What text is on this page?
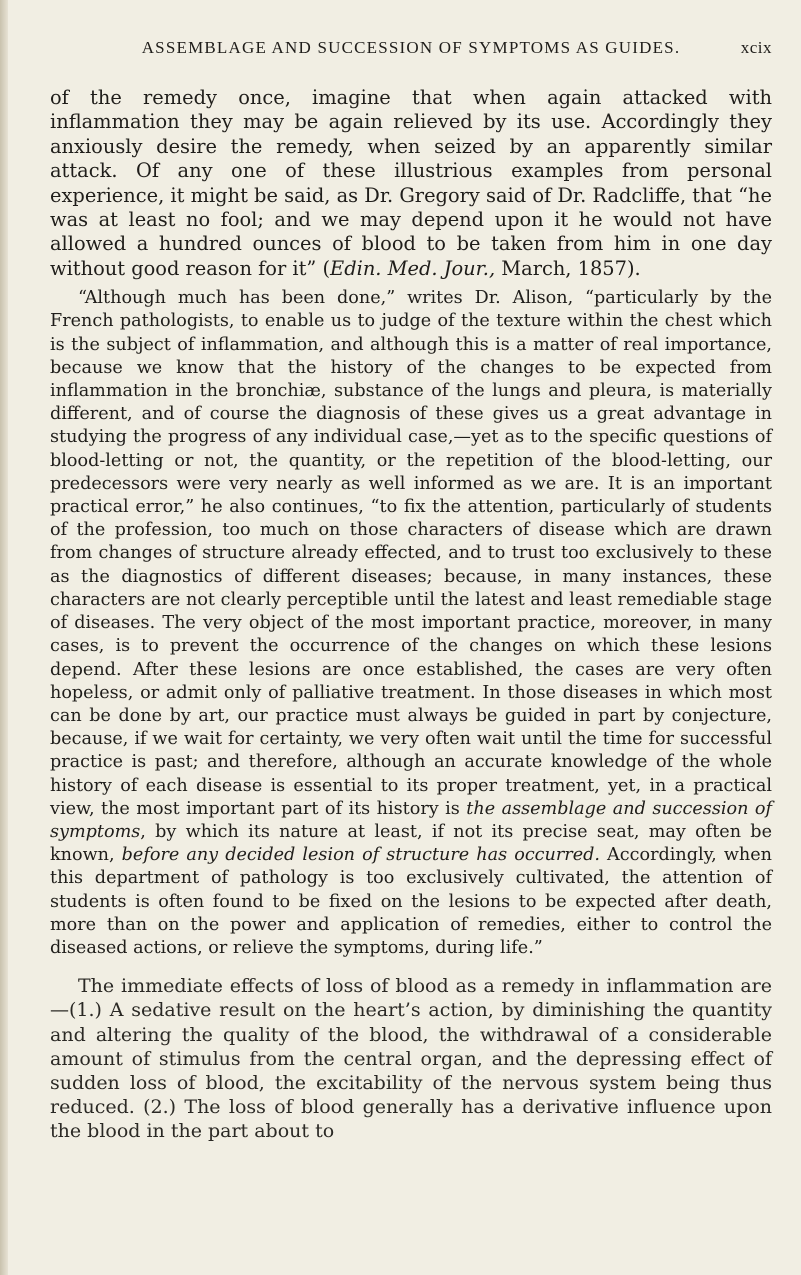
ASSEMBLAGE AND SUCCESSION OF SYMPTOMS AS GUIDES.	xcix

of the remedy once, imagine that when again attacked with inflammation they may be again relieved by its use. Accordingly they anxiously desire the remedy, when seized by an apparently similar attack. Of any one of these illustrious examples from personal experience, it might be said, as Dr. Gregory said of Dr. Radcliffe, that “he was at least no fool; and we may depend upon it he would not have allowed a hundred ounces of blood to be taken from him in one day without good reason for it” (Edin. Med. Jour., March, 1857).

“Although much has been done,” writes Dr. Alison, “particularly by the French pathologists, to enable us to judge of the texture within the chest which is the subject of inflammation, and although this is a matter of real importance, because we know that the history of the changes to be expected from inflammation in the bronchiæ, substance of the lungs and pleura, is materially different, and of course the diagnosis of these gives us a great advantage in studying the progress of any individual case,—yet as to the specific questions of blood-letting or not, the quantity, or the repetition of the blood-letting, our predecessors were very nearly as well informed as we are. It is an important practical error,” he also continues, “to fix the attention, particularly of students of the profession, too much on those characters of disease which are drawn from changes of structure already effected, and to trust too exclusively to these as the diagnostics of different diseases; because, in many instances, these characters are not clearly perceptible until the latest and least remediable stage of diseases. The very object of the most important practice, moreover, in many cases, is to prevent the occurrence of the changes on which these lesions depend. After these lesions are once established, the cases are very often hopeless, or admit only of palliative treatment. In those diseases in which most can be done by art, our practice must always be guided in part by conjecture, because, if we wait for certainty, we very often wait until the time for successful practice is past; and therefore, although an accurate knowledge of the whole history of each disease is essential to its proper treatment, yet, in a practical view, the most important part of its history is the assemblage and succession of symptoms, by which its nature at least, if not its precise seat, may often be known, before any decided lesion of structure has occurred. Accordingly, when this department of pathology is too exclusively cultivated, the attention of students is often found to be fixed on the lesions to be expected after death, more than on the power and application of remedies, either to control the diseased actions, or relieve the symptoms, during life.”

The immediate effects of loss of blood as a remedy in inflammation are—(1.) A sedative result on the heart’s action, by diminishing the quantity and altering the quality of the blood, the withdrawal of a considerable amount of stimulus from the central organ, and the depressing effect of sudden loss of blood, the excitability of the nervous system being thus reduced. (2.) The loss of blood generally has a derivative influence upon the blood in the part about to
